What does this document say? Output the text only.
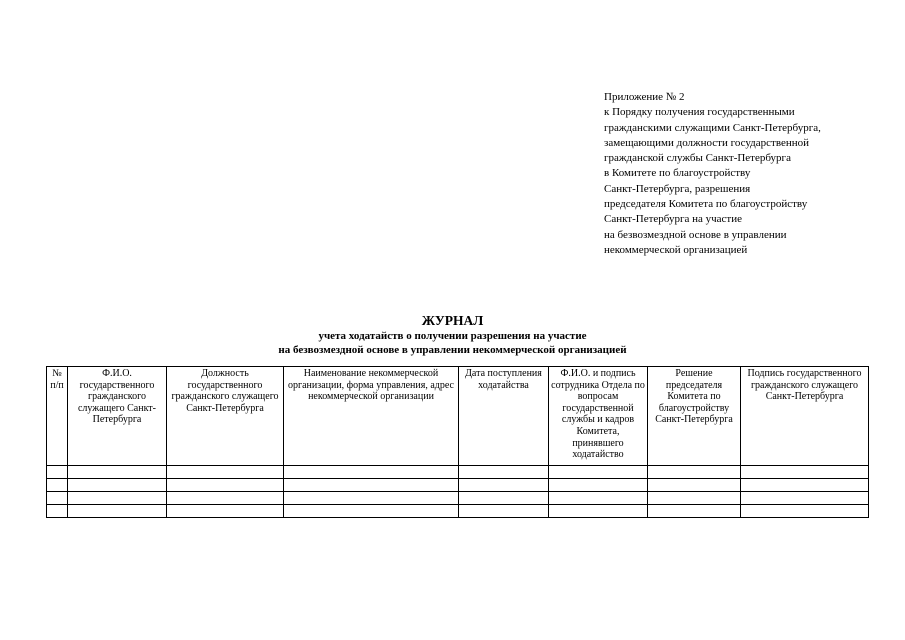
Приложение № 2
к Порядку получения государственными
гражданскими служащими Санкт-Петербурга,
замещающими должности государственной
гражданской службы Санкт-Петербурга
в Комитете по благоустройству
Санкт-Петербурга, разрешения
председателя Комитета по благоустройству
Санкт-Петербурга на участие
на безвозмездной основе в управлении
некоммерческой организацией
ЖУРНАЛ
учета ходатайств о получении разрешения на участие
на безвозмездной основе в управлении некоммерческой организацией
№ п/п	Ф.И.О. государственного гражданского служащего Санкт-Петербурга	Должность государственного гражданского служащего Санкт-Петербурга	Наименование некоммерческой организации, форма управления, адрес некоммерческой организации	Дата поступления ходатайства	Ф.И.О. и подпись сотрудника Отдела по вопросам государственной службы и кадров Комитета, принявшего ходатайство	Решение председателя Комитета по благоустройству Санкт-Петербурга	Подпись государственного гражданского служащего Санкт-Петербурга
